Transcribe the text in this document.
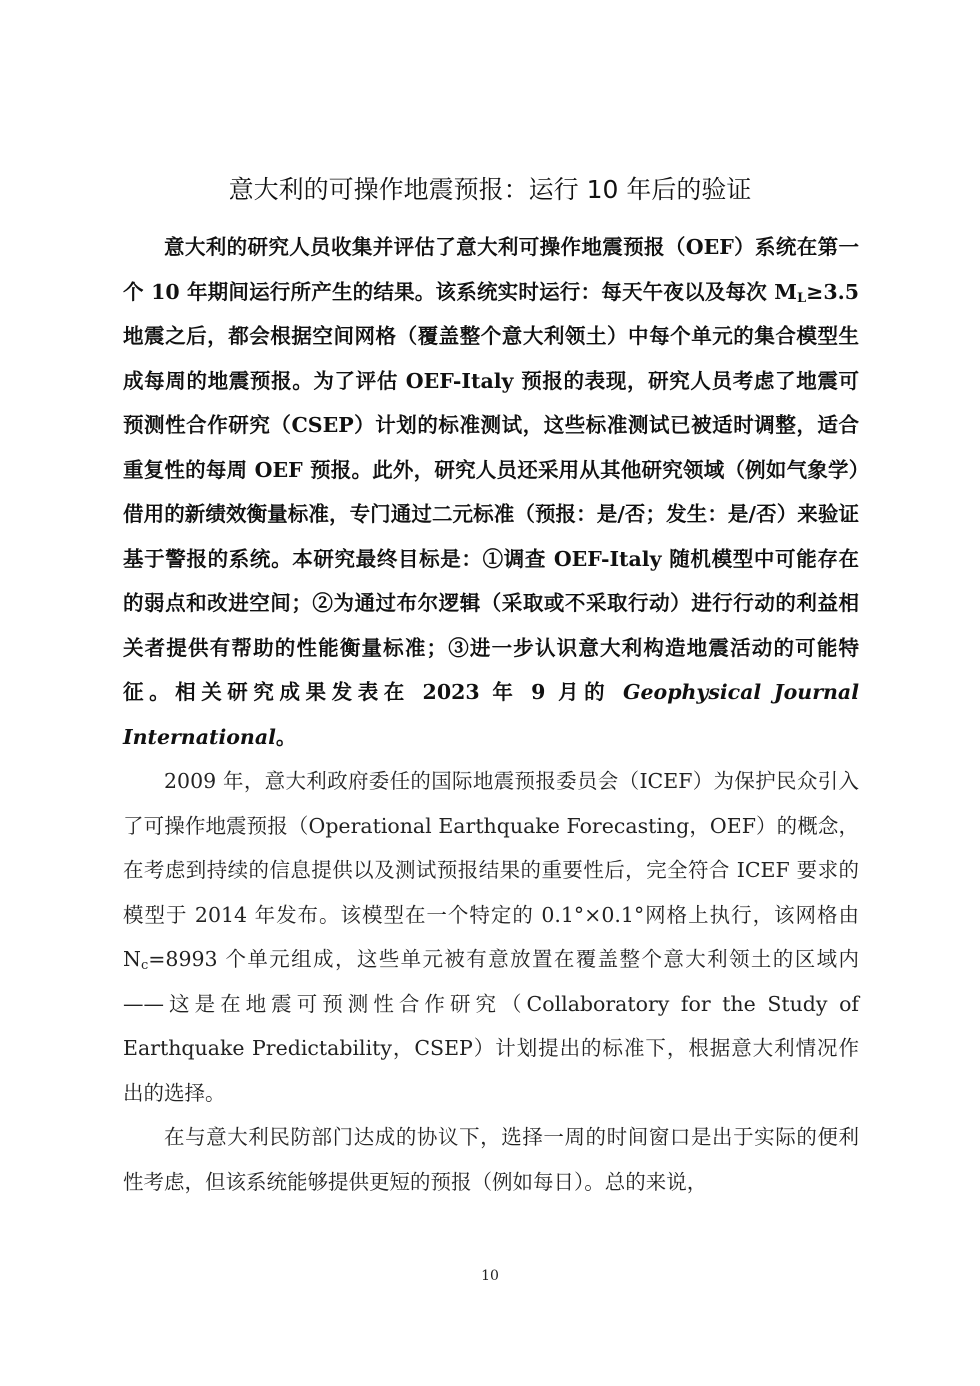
意大利的可操作地震预报：运行 10 年后的验证

意大利的研究人员收集并评估了意大利可操作地震预报（OEF）系统在第一个 10 年期间运行所产生的结果。该系统实时运行：每天午夜以及每次 $M_L\ge 3.5$ 地震之后，都会根据空间网格（覆盖整个意大利领土）中每个单元的集合模型生成每周的地震预报。为了评估 OEF-Italy 预报的表现，研究人员考虑了地震可预测性合作研究（CSEP）计划的标准测试，这些标准测试已被适时调整，适合重复性的每周 OEF 预报。此外，研究人员还采用从其他研究领域（例如气象学）借用的新绩效衡量标准，专门通过二元标准（预报：是/否；发生：是/否）来验证基于警报的系统。本研究最终目标是：①调查 OEF-Italy 随机模型中可能存在的弱点和改进空间；②为通过布尔逻辑（采取或不采取行动）进行行动的利益相关者提供有帮助的性能衡量标准；③进一步认识意大利构造地震活动的可能特征。相关研究成果发表在 2023 年 9 月的 Geophysical Journal International。

2009 年，意大利政府委任的国际地震预报委员会（ICEF）为保护民众引入了可操作地震预报（Operational Earthquake Forecasting，OEF）的概念，在考虑到持续的信息提供以及测试预报结果的重要性后，完全符合 ICEF 要求的模型于 2014 年发布。该模型在一个特定的 0.1°×0.1°网格上执行，该网格由 $N_c=8993$ 个单元组成，这些单元被有意放置在覆盖整个意大利领土的区域内——这是在地震可预测性合作研究（Collaboratory for the Study of Earthquake Predictability，CSEP）计划提出的标准下，根据意大利情况作出的选择。

在与意大利民防部门达成的协议下，选择一周的时间窗口是出于实际的便利性考虑，但该系统能够提供更短的预报（例如每日）。总的来说，

10
